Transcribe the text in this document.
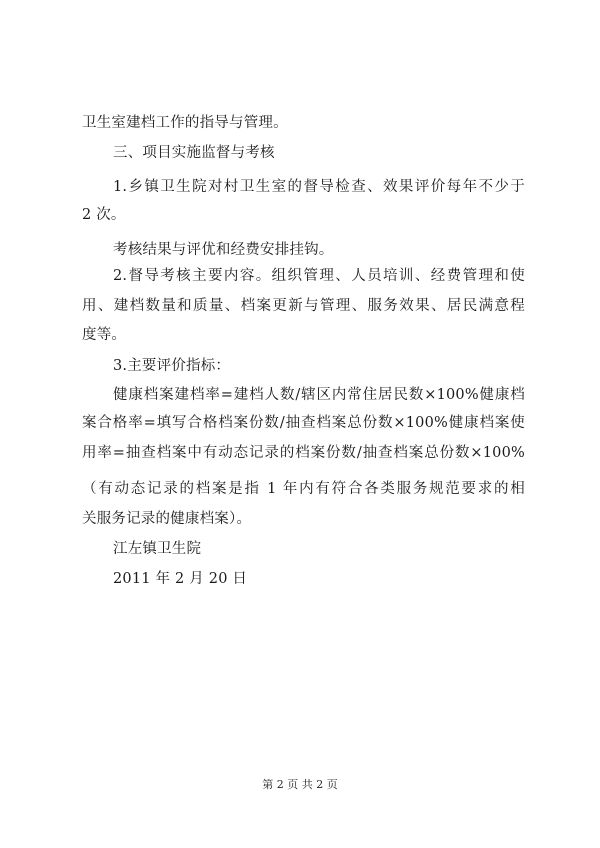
卫生室建档工作的指导与管理。
三、项目实施监督与考核
1.乡镇卫生院对村卫生室的督导检查、效果评价每年不少于
2 次。
考核结果与评优和经费安排挂钩。
2.督导考核主要内容。组织管理、人员培训、经费管理和使
用、建档数量和质量、档案更新与管理、服务效果、居民满意程
度等。
3.主要评价指标：
健康档案建档率=建档人数/辖区内常住居民数×100%健康档
案合格率=填写合格档案份数/抽查档案总份数×100%健康档案使
用率=抽查档案中有动态记录的档案份数/抽查档案总份数×100%
（有动态记录的档案是指 1 年内有符合各类服务规范要求的相
关服务记录的健康档案）。
江左镇卫生院
2011 年 2 月 20 日
第 2 页 共 2 页
